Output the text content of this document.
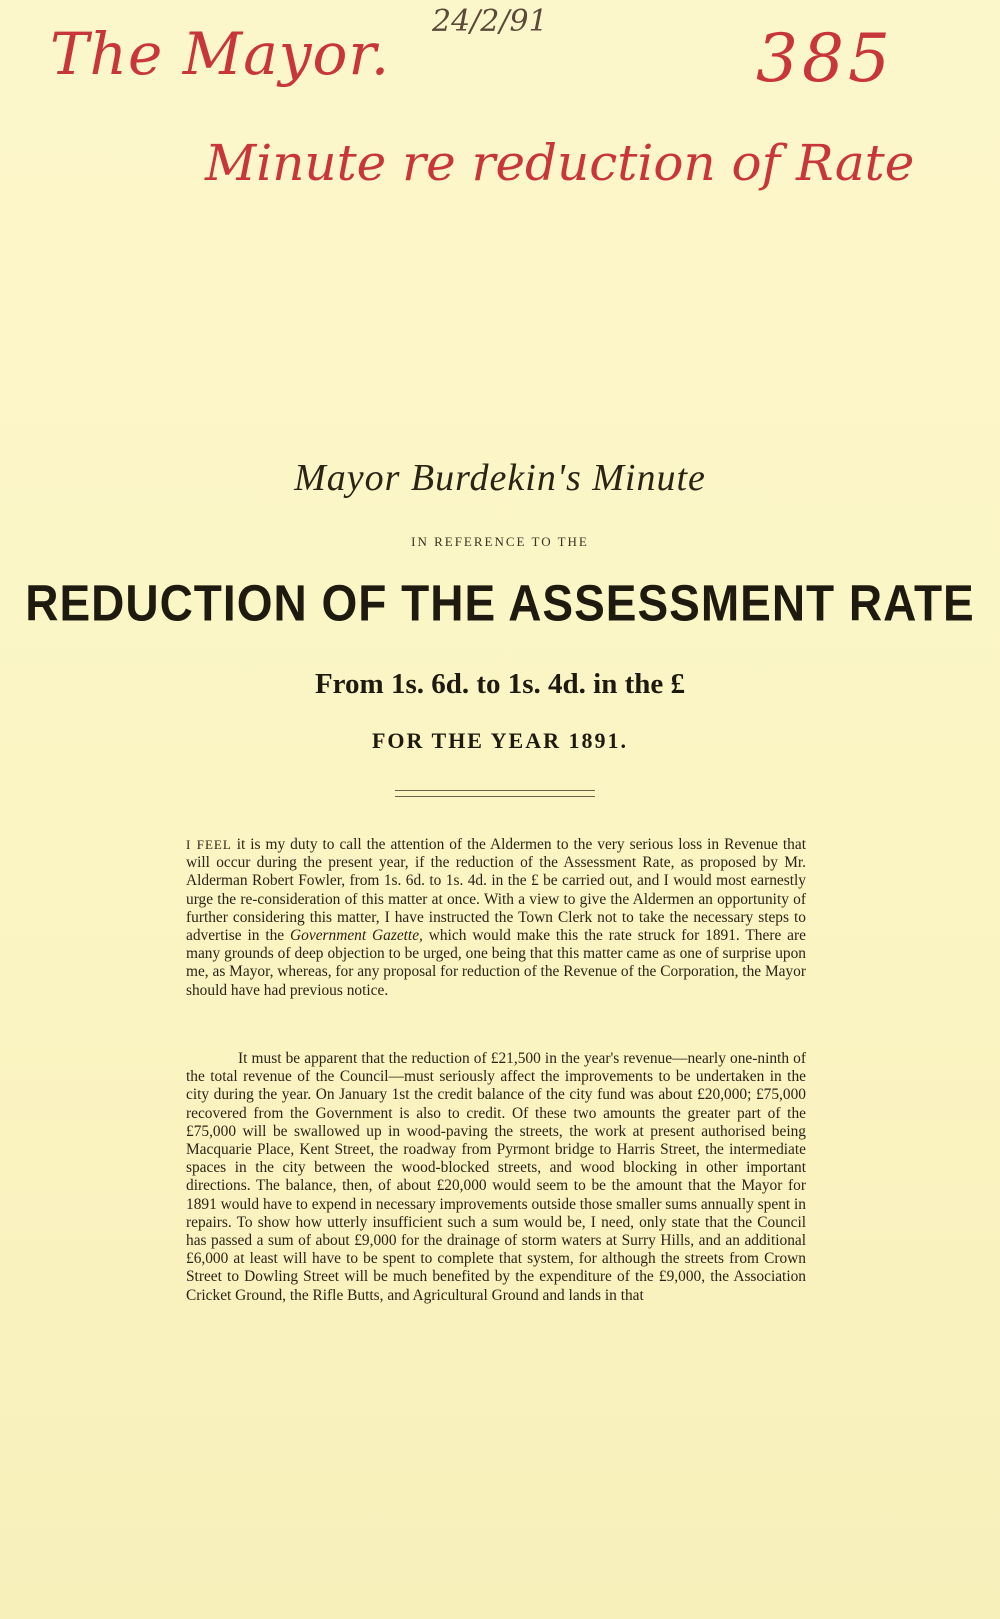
The Mayor. 24/2/91	385
Minute re reduction of Rate
Mayor Burdekin's Minute
IN REFERENCE TO THE
REDUCTION OF THE ASSESSMENT RATE
From 1s. 6d. to 1s. 4d. in the £
FOR THE YEAR 1891.
I FEEL it is my duty to call the attention of the Aldermen to the very serious loss in Revenue that will occur during the present year, if the reduction of the Assessment Rate, as proposed by Mr. Alderman Robert Fowler, from 1s. 6d. to 1s. 4d. in the £ be carried out, and I would most earnestly urge the re-consideration of this matter at once. With a view to give the Aldermen an opportunity of further considering this matter, I have instructed the Town Clerk not to take the necessary steps to advertise in the Government Gazette, which would make this the rate struck for 1891. There are many grounds of deep objection to be urged, one being that this matter came as one of surprise upon me, as Mayor, whereas, for any proposal for reduction of the Revenue of the Corporation, the Mayor should have had previous notice.
It must be apparent that the reduction of £21,500 in the year's revenue—nearly one-ninth of the total revenue of the Council—must seriously affect the improvements to be undertaken in the city during the year. On January 1st the credit balance of the city fund was about £20,000; £75,000 recovered from the Government is also to credit. Of these two amounts the greater part of the £75,000 will be swallowed up in wood-paving the streets, the work at present authorised being Macquarie Place, Kent Street, the roadway from Pyrmont bridge to Harris Street, the intermediate spaces in the city between the wood-blocked streets, and wood blocking in other important directions. The balance, then, of about £20,000 would seem to be the amount that the Mayor for 1891 would have to expend in necessary improvements outside those smaller sums annually spent in repairs. To show how utterly insufficient such a sum would be, I need, only state that the Council has passed a sum of about £9,000 for the drainage of storm waters at Surry Hills, and an additional £6,000 at least will have to be spent to complete that system, for although the streets from Crown Street to Dowling Street will be much benefited by the expenditure of the £9,000, the Association Cricket Ground, the Rifle Butts, and Agricultural Ground and lands in that
